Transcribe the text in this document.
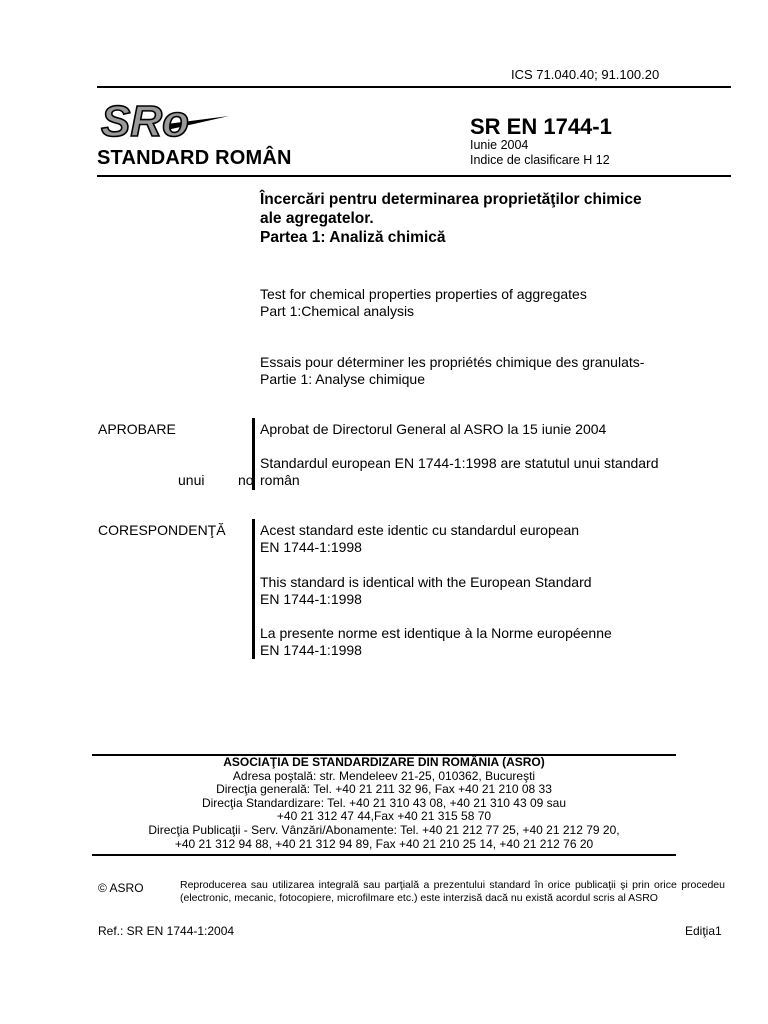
ICS 71.040.40; 91.100.20
SRo
STANDARD ROMÂN
SR EN 1744-1
Iunie 2004
Indice de clasificare H 12
Încercări pentru determinarea proprietăţilor chimice
ale agregatelor.
Partea 1: Analiză chimică
Test for chemical properties properties of aggregates
Part 1:Chemical analysis
Essais pour déterminer les propriétés chimique des granulats-
Partie 1: Analyse chimique
APROBARE	Aprobat de Directorul General al ASRO la 15 iunie 2004
Standardul european EN 1744-1:1998 are statutul unui standard
român
unui no
CORESPONDENŢĂ Acest standard este identic cu standardul european
EN 1744-1:1998
This standard is identical with the European Standard
EN 1744-1:1998
La presente norme est identique à la Norme européenne
EN 1744-1:1998
ASOCIAŢIA DE STANDARDIZARE DIN ROMÂNIA (ASRO)
Adresa poştală: str. Mendeleev 21-25, 010362, Bucureşti
Direcţia generală: Tel. +40 21 211 32 96, Fax +40 21 210 08 33
Direcţia Standardizare: Tel. +40 21 310 43 08, +40 21 310 43 09 sau
+40 21 312 47 44,Fax +40 21 315 58 70
Direcţia Publicaţii - Serv. Vânzări/Abonamente: Tel. +40 21 212 77 25, +40 21 212 79 20,
+40 21 312 94 88, +40 21 312 94 89, Fax +40 21 210 25 14, +40 21 212 76 20
© ASRO	Reproducerea sau utilizarea integrală sau parţială a prezentului standard în orice publicaţii şi prin orice procedeu (electronic, mecanic, fotocopiere, microfilmare etc.) este interzisă dacă nu există acordul scris al ASRO
Ref.: SR EN 1744-1:2004	Ediţia1
